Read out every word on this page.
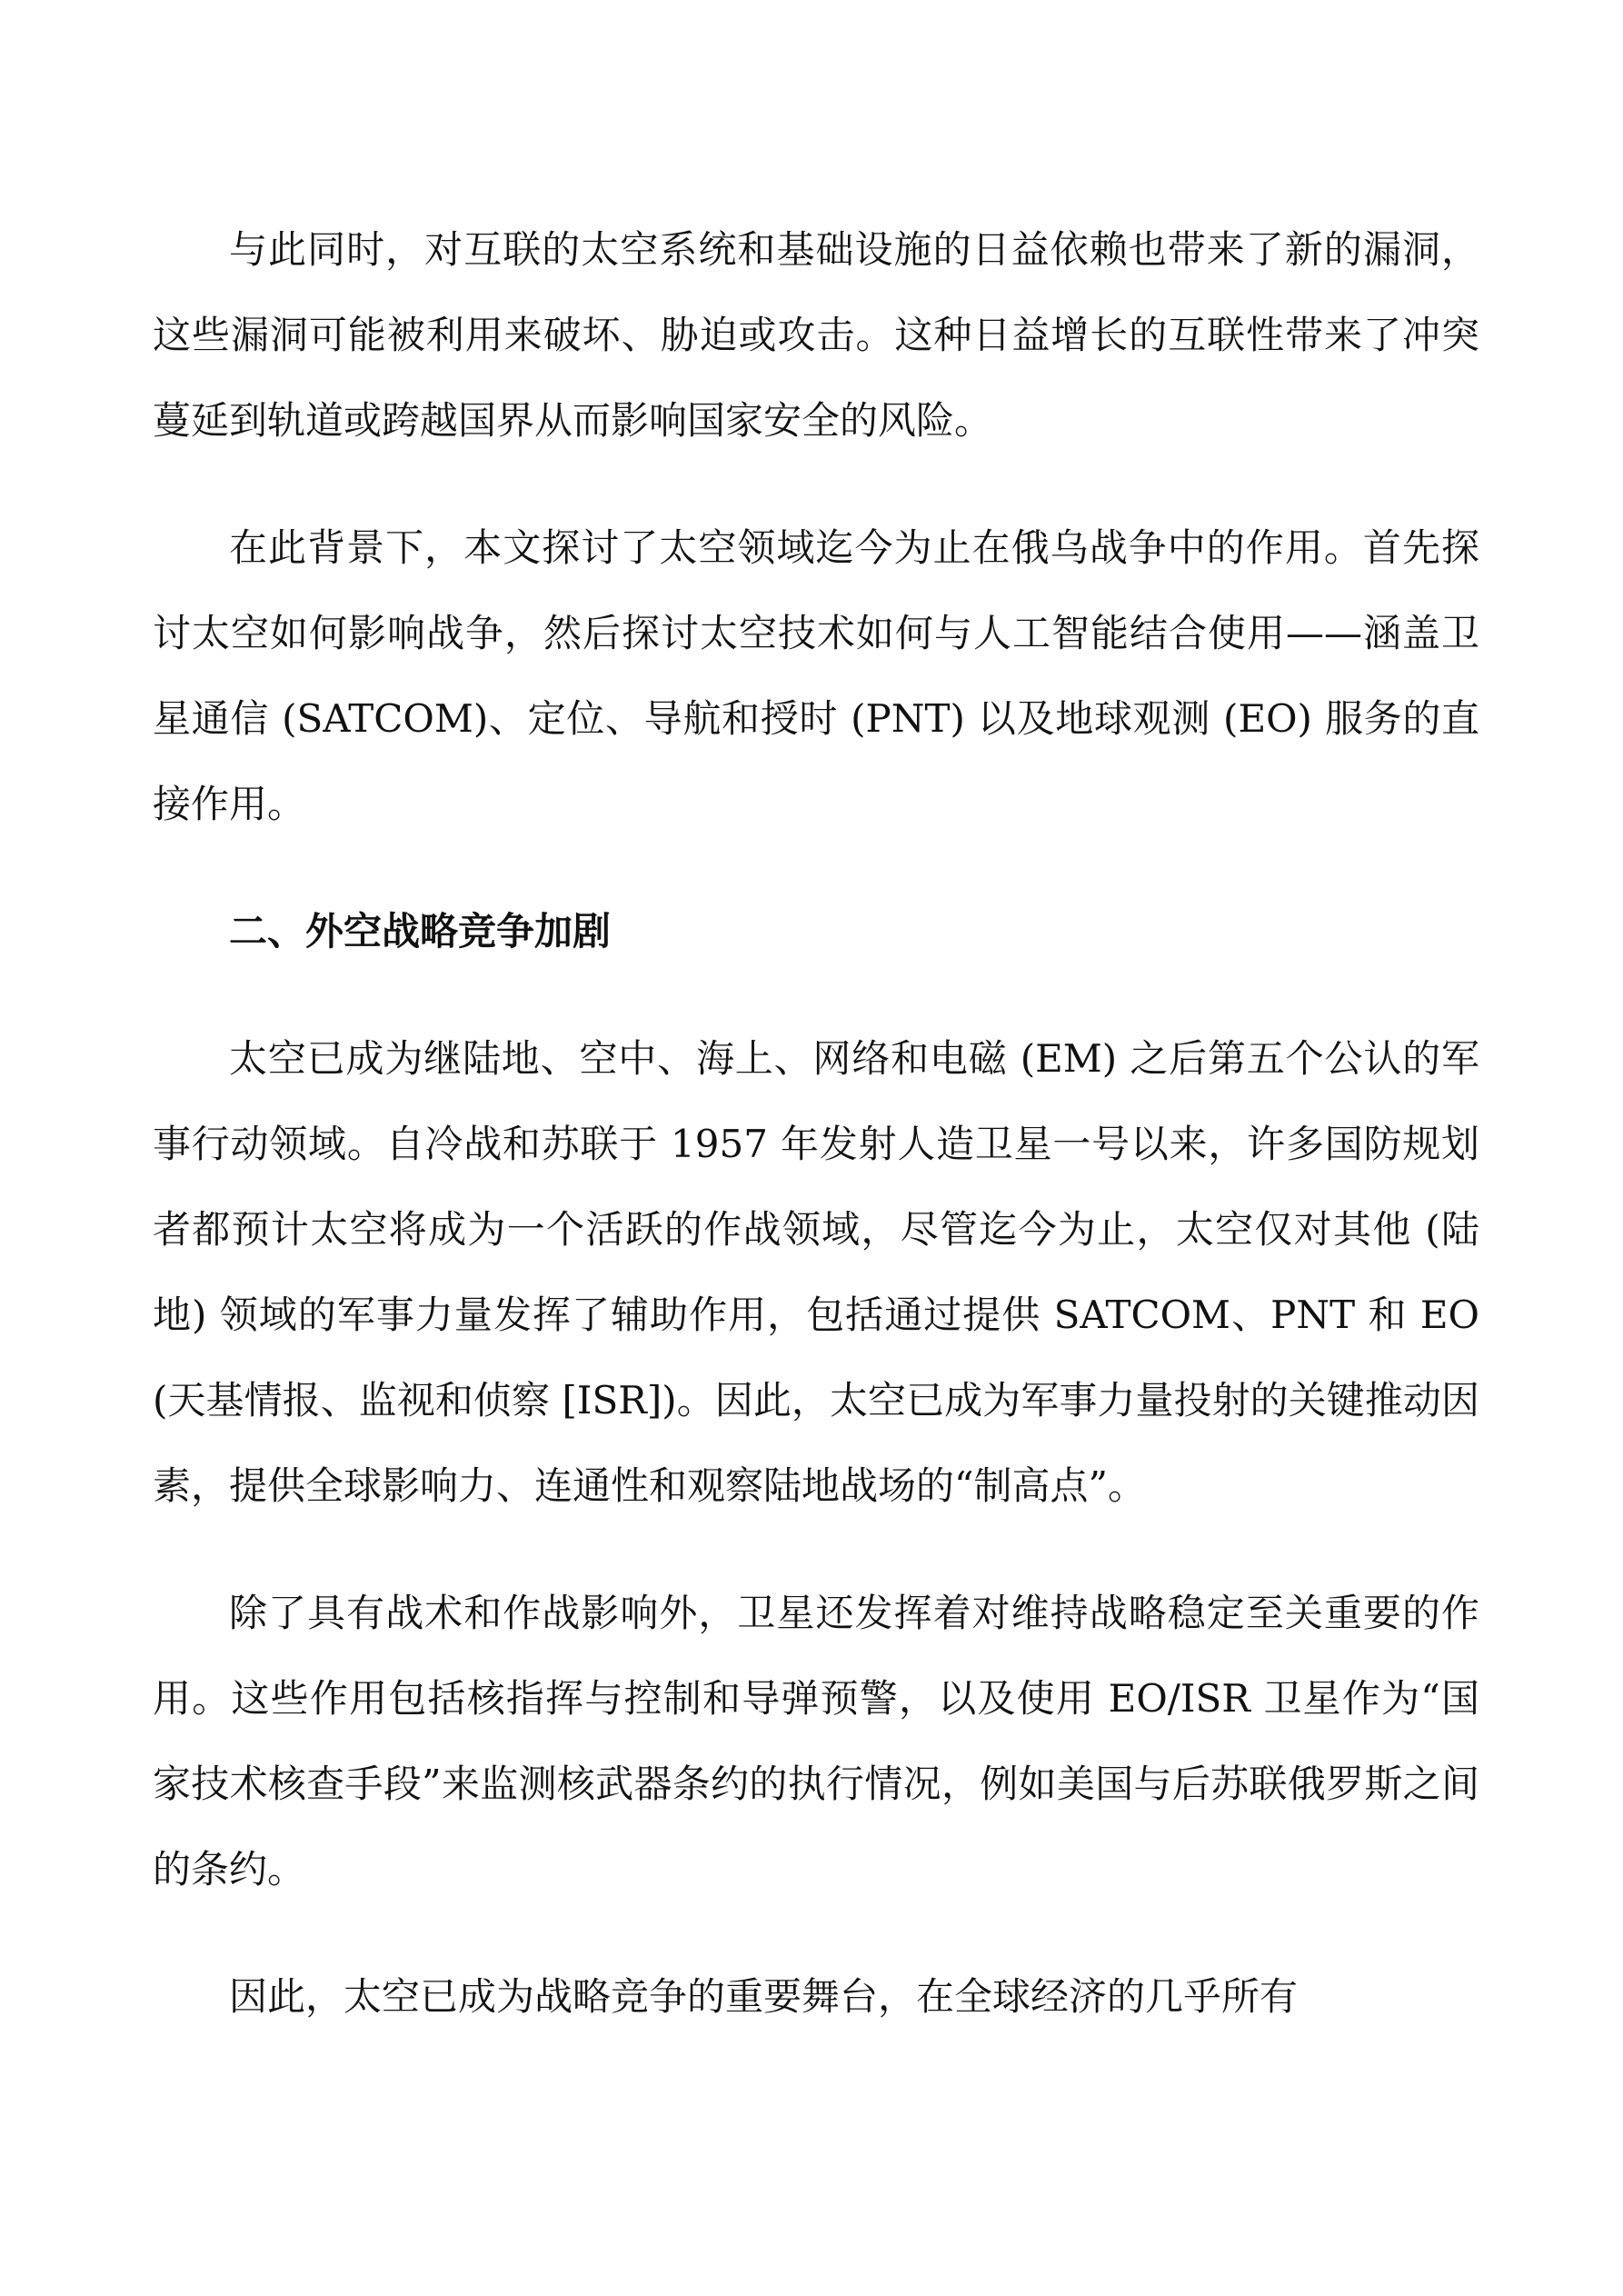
与此同时，对互联的太空系统和基础设施的日益依赖也带来了新的漏洞，这些漏洞可能被利用来破坏、胁迫或攻击。这种日益增长的互联性带来了冲突蔓延到轨道或跨越国界从而影响国家安全的风险。

在此背景下，本文探讨了太空领域迄今为止在俄乌战争中的作用。首先探讨太空如何影响战争，然后探讨太空技术如何与人工智能结合使用——涵盖卫星通信 (SATCOM)、定位、导航和授时 (PNT) 以及地球观测 (EO) 服务的直接作用。

二、外空战略竞争加剧

太空已成为继陆地、空中、海上、网络和电磁 (EM) 之后第五个公认的军事行动领域。自冷战和苏联于 1957 年发射人造卫星一号以来，许多国防规划者都预计太空将成为一个活跃的作战领域，尽管迄今为止，太空仅对其他 (陆地) 领域的军事力量发挥了辅助作用，包括通过提供 SATCOM、PNT 和 EO (天基情报、监视和侦察 [ISR])。因此，太空已成为军事力量投射的关键推动因素，提供全球影响力、连通性和观察陆地战场的“制高点”。

除了具有战术和作战影响外，卫星还发挥着对维持战略稳定至关重要的作用。这些作用包括核指挥与控制和导弹预警，以及使用 EO/ISR 卫星作为“国家技术核查手段”来监测核武器条约的执行情况，例如美国与后苏联俄罗斯之间的条约。

因此，太空已成为战略竞争的重要舞台，在全球经济的几乎所有
